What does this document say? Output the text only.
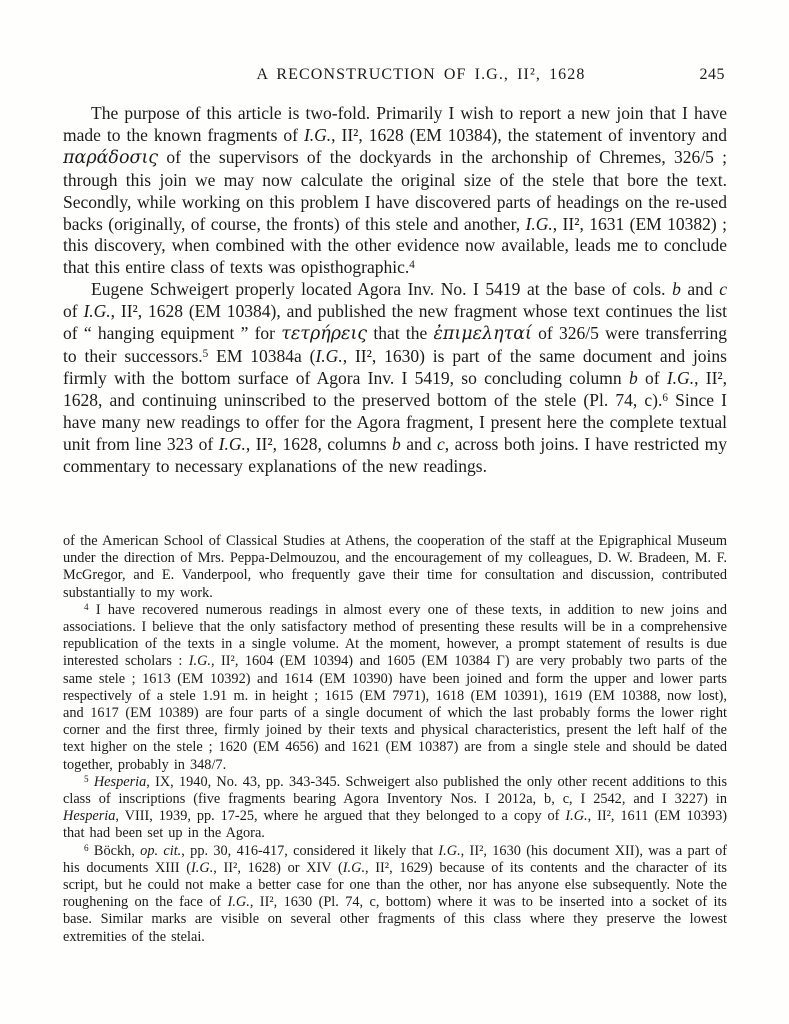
A RECONSTRUCTION OF I.G., II², 1628	245

The purpose of this article is two-fold. Primarily I wish to report a new join that I have made to the known fragments of I.G., II², 1628 (EM 10384), the statement of inventory and παράδοσις of the supervisors of the dockyards in the archonship of Chremes, 326/5 ; through this join we may now calculate the original size of the stele that bore the text. Secondly, while working on this problem I have discovered parts of headings on the re-used backs (originally, of course, the fronts) of this stele and another, I.G., II², 1631 (EM 10382) ; this discovery, when combined with the other evidence now available, leads me to conclude that this entire class of texts was opisthographic.$^4$

Eugene Schweigert properly located Agora Inv. No. I 5419 at the base of cols. b and c of I.G., II², 1628 (EM 10384), and published the new fragment whose text continues the list of “ hanging equipment ” for τετρήρεις that the ἐπιμεληταί of 326/5 were transferring to their successors.$^5$ EM 10384a (I.G., II², 1630) is part of the same document and joins firmly with the bottom surface of Agora Inv. I 5419, so concluding column b of I.G., II², 1628, and continuing uninscribed to the preserved bottom of the stele (Pl. 74, c).$^6$ Since I have many new readings to offer for the Agora fragment, I present here the complete textual unit from line 323 of I.G., II², 1628, columns b and c, across both joins. I have restricted my commentary to necessary explanations of the new readings.

of the American School of Classical Studies at Athens, the cooperation of the staff at the Epigraphical Museum under the direction of Mrs. Peppa-Delmouzou, and the encouragement of my colleagues, D. W. Bradeen, M. F. McGregor, and E. Vanderpool, who frequently gave their time for consultation and discussion, contributed substantially to my work.

$^4$ I have recovered numerous readings in almost every one of these texts, in addition to new joins and associations. I believe that the only satisfactory method of presenting these results will be in a comprehensive republication of the texts in a single volume. At the moment, however, a prompt statement of results is due interested scholars : I.G., II², 1604 (EM 10394) and 1605 (EM 10384 Γ) are very probably two parts of the same stele ; 1613 (EM 10392) and 1614 (EM 10390) have been joined and form the upper and lower parts respectively of a stele 1.91 m. in height ; 1615 (EM 7971), 1618 (EM 10391), 1619 (EM 10388, now lost), and 1617 (EM 10389) are four parts of a single document of which the last probably forms the lower right corner and the first three, firmly joined by their texts and physical characteristics, present the left half of the text higher on the stele ; 1620 (EM 4656) and 1621 (EM 10387) are from a single stele and should be dated together, probably in 348/7.

$^5$ Hesperia, IX, 1940, No. 43, pp. 343-345. Schweigert also published the only other recent additions to this class of inscriptions (five fragments bearing Agora Inventory Nos. I 2012a, b, c, I 2542, and I 3227) in Hesperia, VIII, 1939, pp. 17-25, where he argued that they belonged to a copy of I.G., II², 1611 (EM 10393) that had been set up in the Agora.

$^6$ Böckh, op. cit., pp. 30, 416-417, considered it likely that I.G., II², 1630 (his document XII), was a part of his documents XIII (I.G., II², 1628) or XIV (I.G., II², 1629) because of its contents and the character of its script, but he could not make a better case for one than the other, nor has anyone else subsequently. Note the roughening on the face of I.G., II², 1630 (Pl. 74, c, bottom) where it was to be inserted into a socket of its base. Similar marks are visible on several other fragments of this class where they preserve the lowest extremities of the stelai.
